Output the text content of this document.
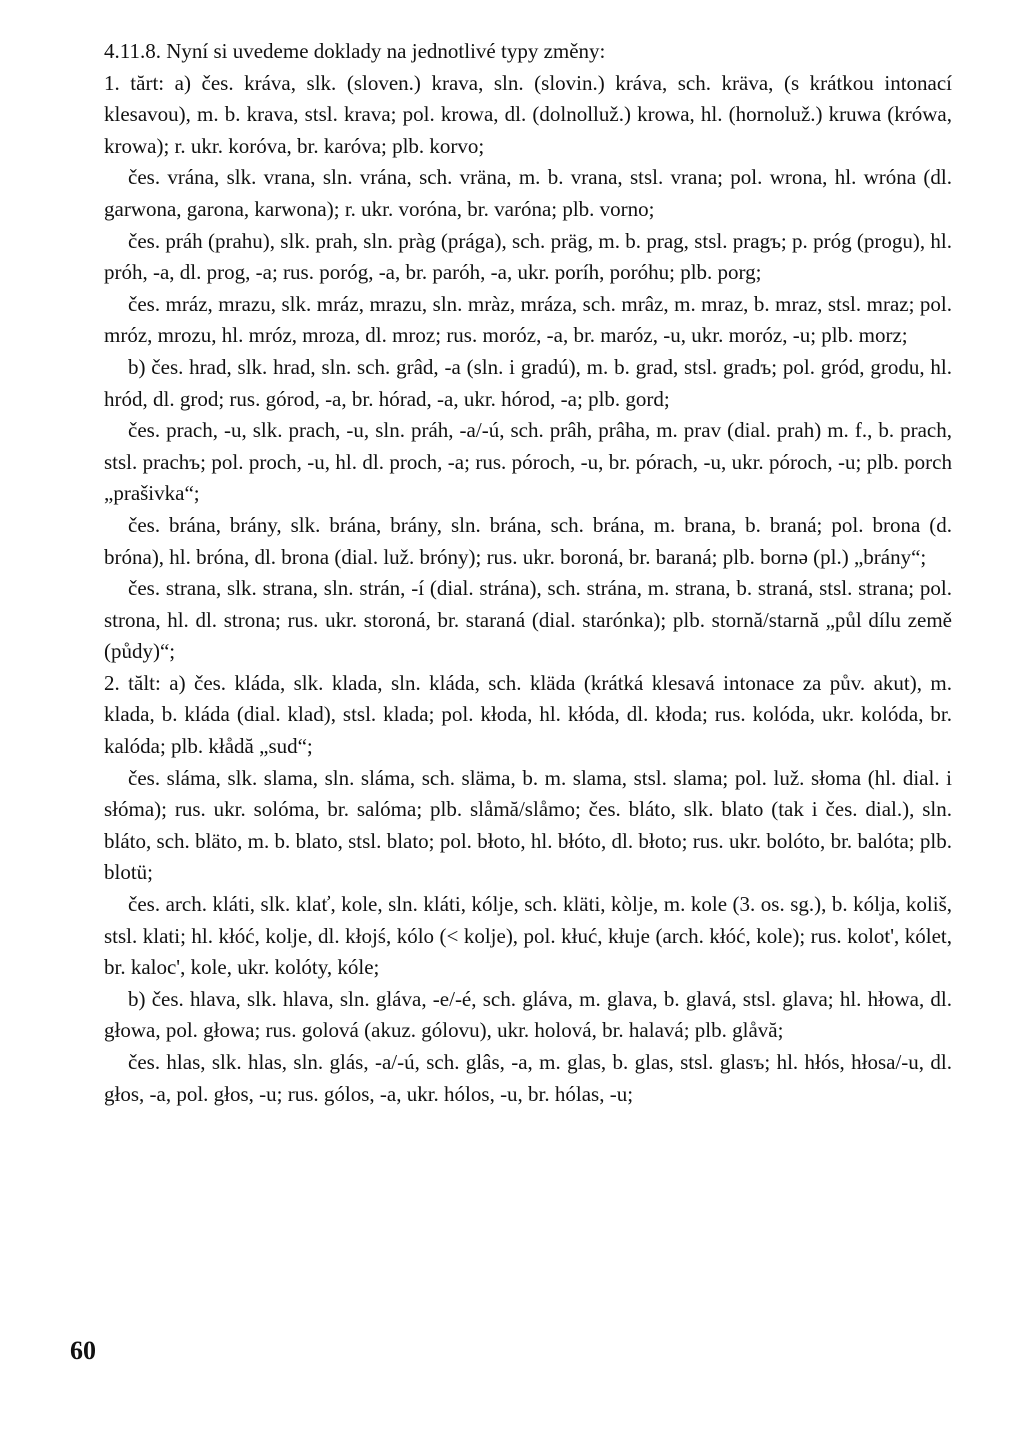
4.11.8. Nyní si uvedeme doklady na jednotlivé typy změny:

1. tărt: a) čes. kráva, slk. (sloven.) krava, sln. (slovin.) kráva, sch. kräva, (s krátkou intonací klesavou), m. b. krava, stsl. krava; pol. krowa, dl. (dolnolluž.) krowa, hl. (hornoluž.) kruwa (krówa, krowa); r. ukr. koróva, br. karóva; plb. korvo;

čes. vrána, slk. vrana, sln. vrána, sch. vräna, m. b. vrana, stsl. vrana; pol. wrona, hl. wróna (dl. garwona, garona, karwona); r. ukr. voróna, br. varóna; plb. vorno;

čes. práh (prahu), slk. prah, sln. pràg (prága), sch. präg, m. b. prag, stsl. pragъ; p. próg (progu), hl. próh, -a, dl. prog, -a; rus. poróg, -a, br. paróh, -a, ukr. poríh, poróhu; plb. porg;

čes. mráz, mrazu, slk. mráz, mrazu, sln. mràz, mráza, sch. mrâz, m. mraz, b. mraz, stsl. mraz; pol. mróz, mrozu, hl. mróz, mroza, dl. mroz; rus. moróz, -a, br. maróz, -u, ukr. moróz, -u; plb. morz;

b) čes. hrad, slk. hrad, sln. sch. grâd, -a (sln. i gradú), m. b. grad, stsl. gradъ; pol. gród, grodu, hl. hród, dl. grod; rus. górod, -a, br. hórad, -a, ukr. hórod, -a; plb. gord;

čes. prach, -u, slk. prach, -u, sln. práh, -a/-ú, sch. prâh, prâha, m. prav (dial. prah) m. f., b. prach, stsl. prachъ; pol. proch, -u, hl. dl. proch, -a; rus. póroch, -u, br. pórach, -u, ukr. póroch, -u; plb. porch „prašivka“;

čes. brána, brány, slk. brána, brány, sln. brána, sch. brána, m. brana, b. braná; pol. brona (d. bróna), hl. bróna, dl. brona (dial. luž. bróny); rus. ukr. boroná, br. baraná; plb. bornə (pl.) „brány“;

čes. strana, slk. strana, sln. strán, -í (dial. strána), sch. strána, m. strana, b. straná, stsl. strana; pol. strona, hl. dl. strona; rus. ukr. storoná, br. staraná (dial. starónka); plb. stornă/starnă „půl dílu země (půdy)“;

2. tălt: a) čes. kláda, slk. klada, sln. kláda, sch. kläda (krátká klesavá intonace za pův. akut), m. klada, b. kláda (dial. klad), stsl. klada; pol. kłoda, hl. kłóda, dl. kłoda; rus. kolóda, ukr. kolóda, br. kalóda; plb. kłådă „sud“;

čes. sláma, slk. slama, sln. sláma, sch. släma, b. m. slama, stsl. slama; pol. luž. słoma (hl. dial. i słóma); rus. ukr. solóma, br. salóma; plb. slåmă/slåmo; čes. bláto, slk. blato (tak i čes. dial.), sln. bláto, sch. bläto, m. b. blato, stsl. blato; pol. błoto, hl. błóto, dl. błoto; rus. ukr. bolóto, br. balóta; plb. blotü;

čes. arch. kláti, slk. klať, kole, sln. kláti, kólje, sch. kläti, kòlje, m. kole (3. os. sg.), b. kólja, koliš, stsl. klati; hl. kłóć, kolje, dl. kłojś, kólo (< kolje), pol. kłuć, kłuje (arch. kłóć, kole); rus. kolot', kólet, br. kaloc', kole, ukr. kolóty, kóle;

b) čes. hlava, slk. hlava, sln. gláva, -e/-é, sch. gláva, m. glava, b. glavá, stsl. glava; hl. hłowa, dl. głowa, pol. głowa; rus. golová (akuz. gólovu), ukr. holová, br. halavá; plb. glåvă;

čes. hlas, slk. hlas, sln. glás, -a/-ú, sch. glâs, -a, m. glas, b. glas, stsl. glasъ; hl. hłós, hłosa/-u, dl. głos, -a, pol. głos, -u; rus. gólos, -a, ukr. hólos, -u, br. hólas, -u;

60
